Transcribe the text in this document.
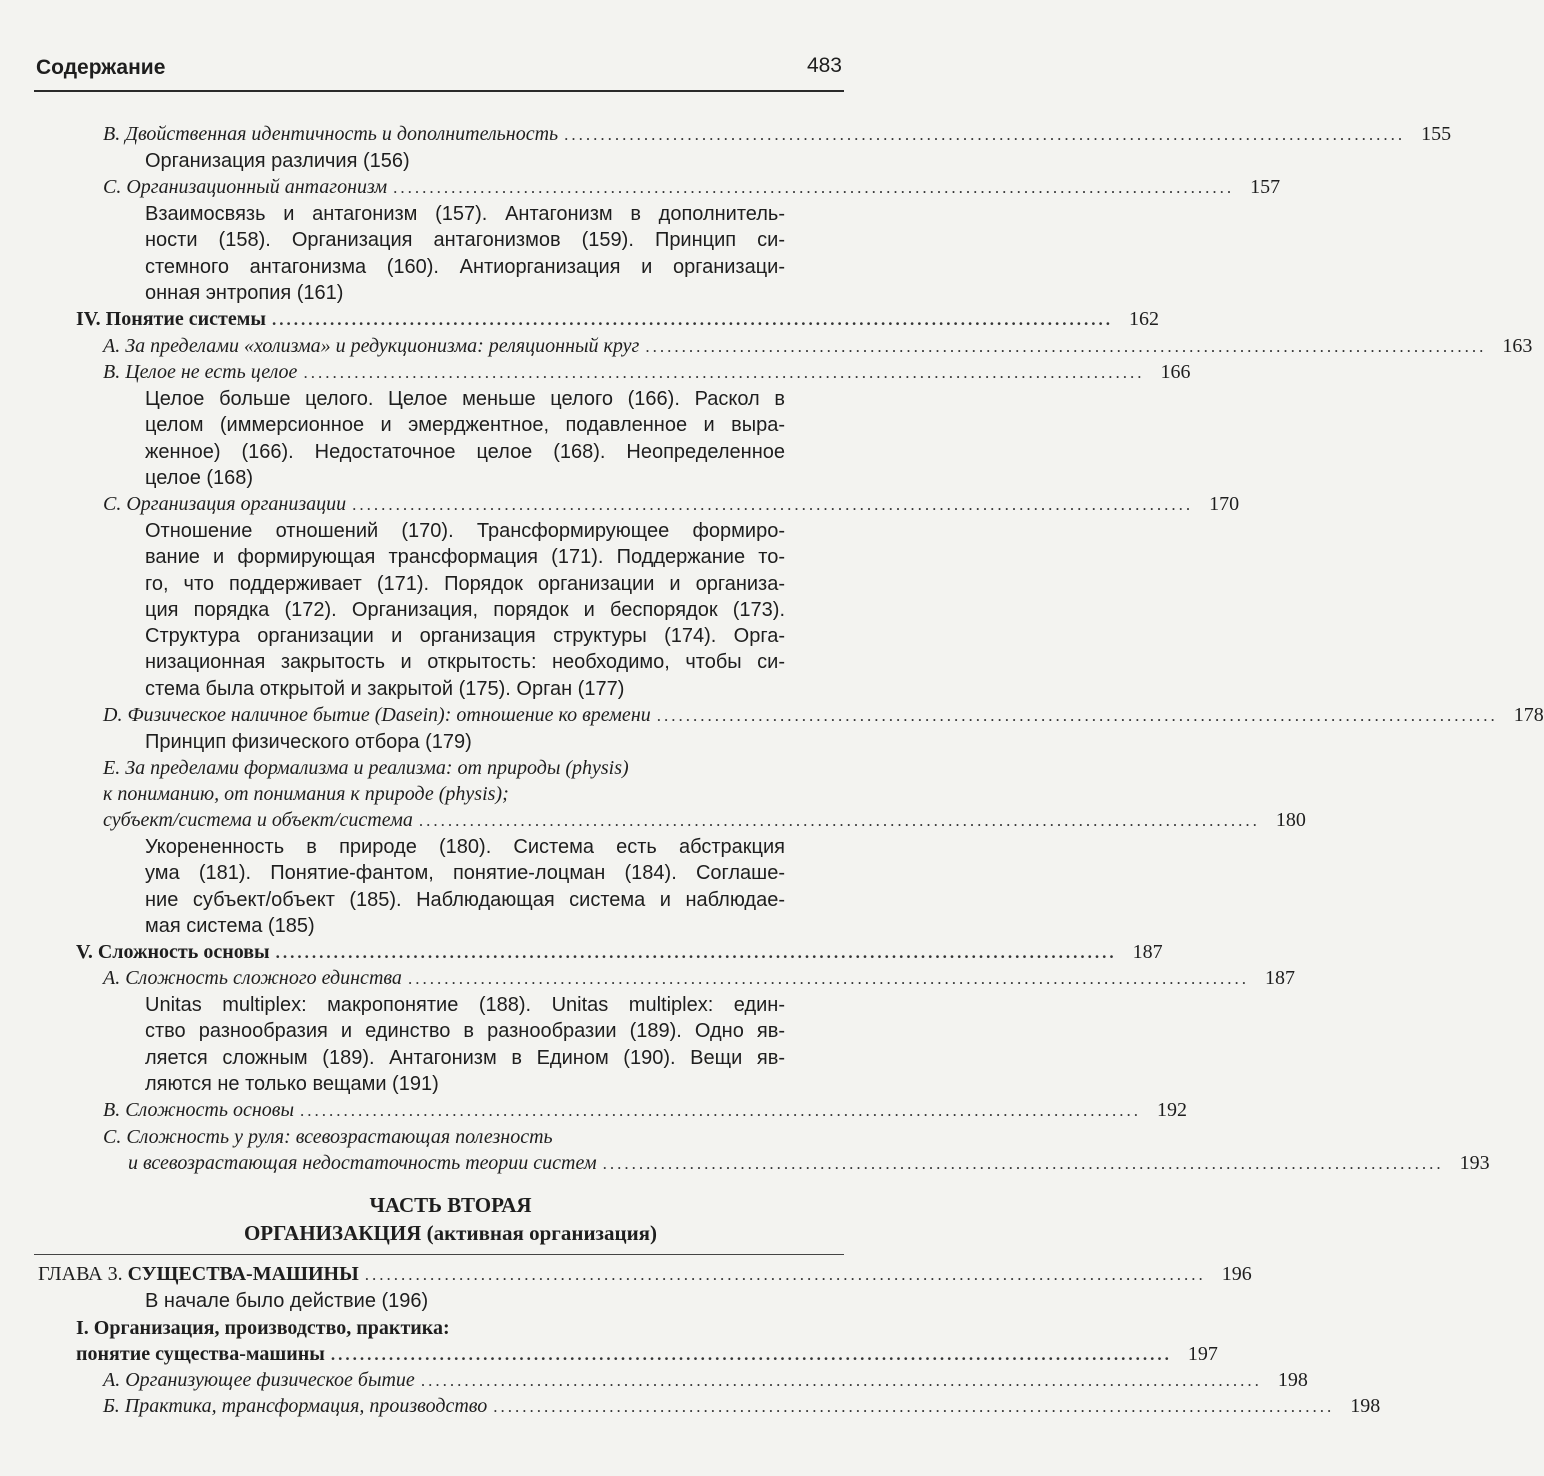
Содержание	483
B. Двойственная идентичность и дополнительность .................................................................................................................... 155
Организация различия (156)
C. Организационный антагонизм .................................................................................................................... 157
Взаимосвязь и антагонизм (157). Антагонизм в дополнитель-
ности (158). Организация антагонизмов (159). Принцип си-
стемного антагонизма (160). Антиорганизация и организаци-
онная энтропия (161)
IV. Понятие системы .................................................................................................................... 162
A. За пределами «холизма» и редукционизма: реляционный круг .................................................................................................................... 163
B. Целое не есть целое .................................................................................................................... 166
Целое больше целого. Целое меньше целого (166). Раскол в
целом (иммерсионное и эмерджентное, подавленное и выра-
женное) (166). Недостаточное целое (168). Неопределенное
целое (168)
C. Организация организации .................................................................................................................... 170
Отношение отношений (170). Трансформирующее формиро-
вание и формирующая трансформация (171). Поддержание то-
го, что поддерживает (171). Порядок организации и организа-
ция порядка (172). Организация, порядок и беспорядок (173).
Структура организации и организация структуры (174). Орга-
низационная закрытость и открытость: необходимо, чтобы си-
стема была открытой и закрытой (175). Орган (177)
D. Физическое наличное бытие (Dasein): отношение ко времени .................................................................................................................... 178
Принцип физического отбора (179)
E. За пределами формализма и реализма: от природы (physis)
к пониманию, от понимания к природе (physis);
субъект/система и объект/система .................................................................................................................... 180
Укорененность в природе (180). Система есть абстракция
ума (181). Понятие-фантом, понятие-лоцман (184). Соглаше-
ние субъект/объект (185). Наблюдающая система и наблюдае-
мая система (185)
V. Сложность основы .................................................................................................................... 187
A. Сложность сложного единства .................................................................................................................... 187
Unitas multiplex: макропонятие (188). Unitas multiplex: един-
ство разнообразия и единство в разнообразии (189). Одно яв-
ляется сложным (189). Антагонизм в Едином (190). Вещи яв-
ляются не только вещами (191)
B. Сложность основы .................................................................................................................... 192
C. Сложность у руля: всевозрастающая полезность
и всевозрастающая недостаточность теории систем .................................................................................................................... 193
ЧАСТЬ ВТОРАЯ
ОРГАНИЗАКЦИЯ (активная организация)
ГЛАВА 3. СУЩЕСТВА-МАШИНЫ .................................................................................................................... 196
В начале было действие (196)
I. Организация, производство, практика:
понятие существа-машины .................................................................................................................... 197
А. Организующее физическое бытие .................................................................................................................... 198
Б. Практика, трансформация, производство .................................................................................................................... 198
